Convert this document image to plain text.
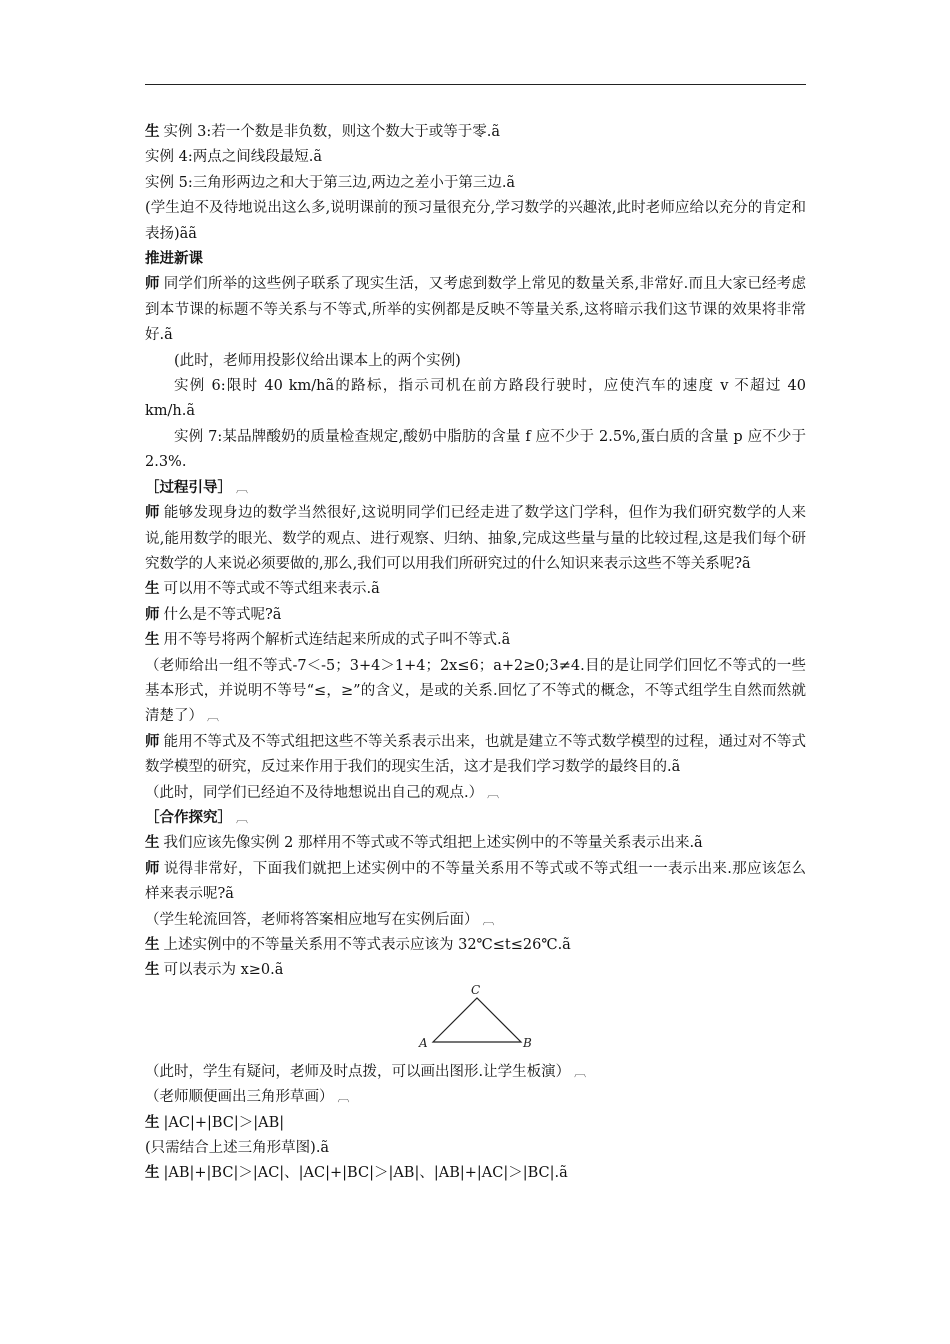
生 实例 3:若一个数是非负数，则这个数大于或等于零.ã
实例 4:两点之间线段最短.ã
实例 5:三角形两边之和大于第三边,两边之差小于第三边.ã
(学生迫不及待地说出这么多,说明课前的预习量很充分,学习数学的兴趣浓,此时老师应给以充分的肯定和表扬)ãã
推进新课
师 同学们所举的这些例子联系了现实生活，又考虑到数学上常见的数量关系,非常好.而且大家已经考虑到本节课的标题不等关系与不等式,所举的实例都是反映不等量关系,这将暗示我们这节课的效果将非常好.ã
(此时，老师用投影仪给出课本上的两个实例)
实例 6:限时 40 km/hã的路标，指示司机在前方路段行驶时，应使汽车的速度 v 不超过 40 km/h.ã
实例 7:某品牌酸奶的质量检查规定,酸奶中脂肪的含量 f 应不少于 2.5%,蛋白质的含量 p 应不少于 2.3%.
［过程引导］ ︹
师 能够发现身边的数学当然很好,这说明同学们已经走进了数学这门学科，但作为我们研究数学的人来说,能用数学的眼光、数学的观点、进行观察、归纳、抽象,完成这些量与量的比较过程,这是我们每个研究数学的人来说必须要做的,那么,我们可以用我们所研究过的什么知识来表示这些不等关系呢?ã
生 可以用不等式或不等式组来表示.ã
师 什么是不等式呢?ã
生 用不等号将两个解析式连结起来所成的式子叫不等式.ã
（老师给出一组不等式-7＜-5；3+4＞1+4；2x≤6；a+2≥0;3≠4.目的是让同学们回忆不等式的一些基本形式，并说明不等号“≤，≥”的含义，是或的关系.回忆了不等式的概念，不等式组学生自然而然就清楚了） ︹
师 能用不等式及不等式组把这些不等关系表示出来，也就是建立不等式数学模型的过程，通过对不等式数学模型的研究，反过来作用于我们的现实生活，这才是我们学习数学的最终目的.ã
（此时，同学们已经迫不及待地想说出自己的观点.） ︹
［合作探究］ ︹
生 我们应该先像实例 2 那样用不等式或不等式组把上述实例中的不等量关系表示出来.ã
师 说得非常好，下面我们就把上述实例中的不等量关系用不等式或不等式组一一表示出来.那应该怎么样来表示呢?ã
（学生轮流回答，老师将答案相应地写在实例后面） ︹
生 上述实例中的不等量关系用不等式表示应该为 32℃≤t≤26℃.ã
生 可以表示为 x≥0.ã
C
A	B
（此时，学生有疑问，老师及时点拨，可以画出图形.让学生板演） ︹
（老师顺便画出三角形草画） ︹
生 |AC|+|BC|＞|AB|
(只需结合上述三角形草图).ã
生 |AB|+|BC|＞|AC|、|AC|+|BC|＞|AB|、|AB|+|AC|＞|BC|.ã
